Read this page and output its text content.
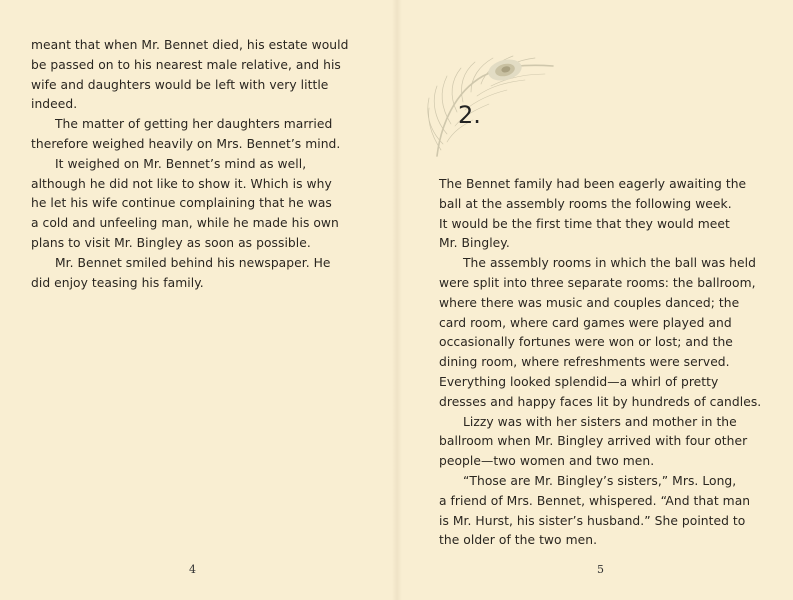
meant that when Mr. Bennet died, his estate would
be passed on to his nearest male relative, and his
wife and daughters would be left with very little
indeed.

The matter of getting her daughters married
therefore weighed heavily on Mrs. Bennet’s mind.

It weighed on Mr. Bennet’s mind as well,
although he did not like to show it. Which is why
he let his wife continue complaining that he was
a cold and unfeeling man, while he made his own
plans to visit Mr. Bingley as soon as possible.

Mr. Bennet smiled behind his newspaper. He
did enjoy teasing his family.

4
2.

The Bennet family had been eagerly awaiting the
ball at the assembly rooms the following week.
It would be the first time that they would meet
Mr. Bingley.

The assembly rooms in which the ball was held
were split into three separate rooms: the ballroom,
where there was music and couples danced; the
card room, where card games were played and
occasionally fortunes were won or lost; and the
dining room, where refreshments were served.
Everything looked splendid—a whirl of pretty
dresses and happy faces lit by hundreds of candles.

Lizzy was with her sisters and mother in the
ballroom when Mr. Bingley arrived with four other
people—two women and two men.

“Those are Mr. Bingley’s sisters,” Mrs. Long,
a friend of Mrs. Bennet, whispered. “And that man
is Mr. Hurst, his sister’s husband.” She pointed to
the older of the two men.

5
